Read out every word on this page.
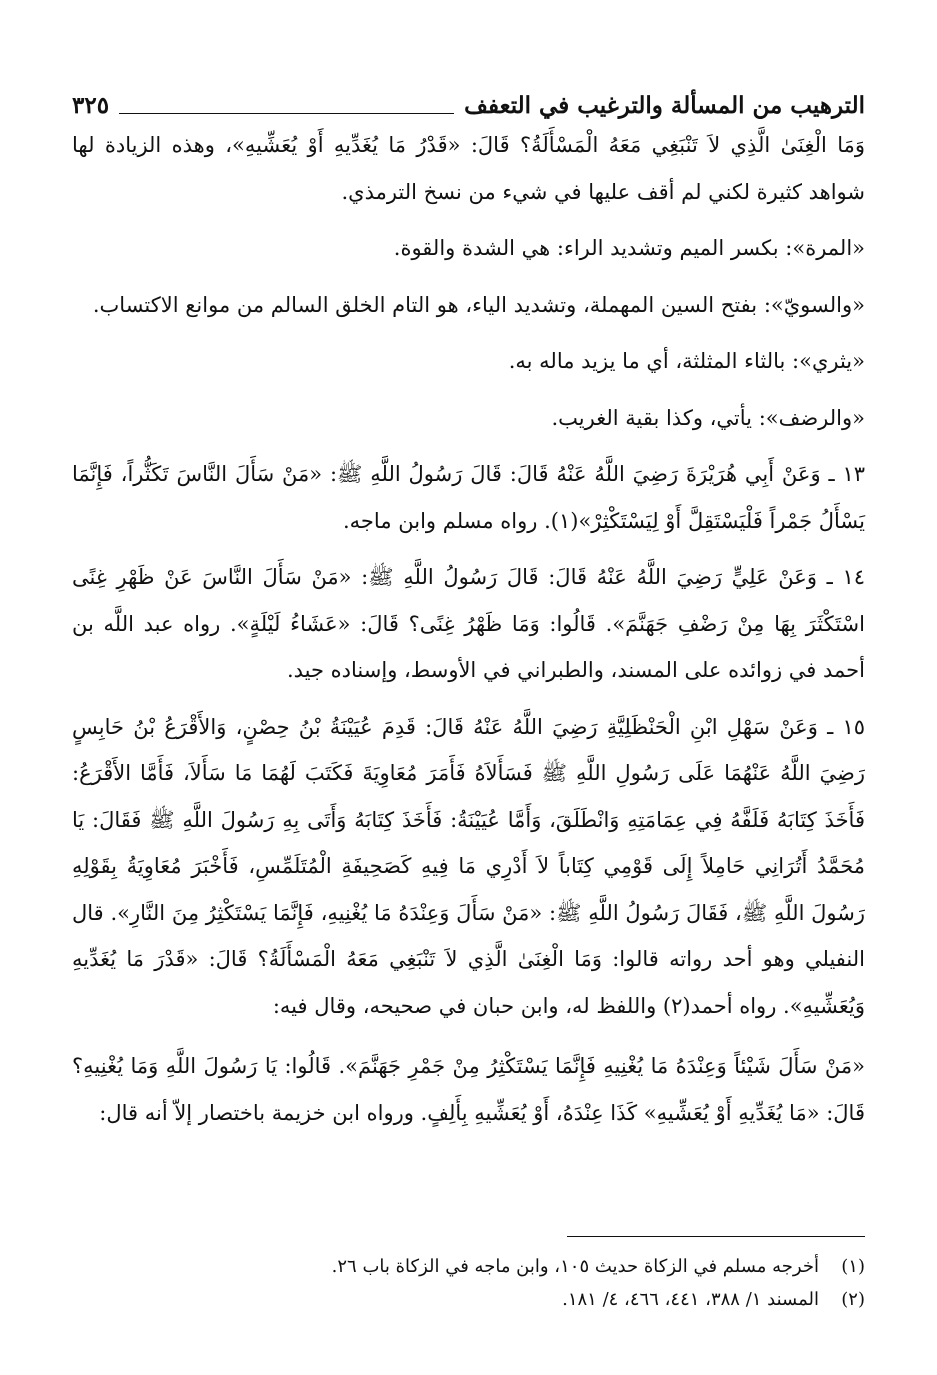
الترهيب من المسألة والترغيب في التعفف
٣٢٥

وَمَا الْغِنَىٰ الَّذِي لاَ تَنْبَغِي مَعَهُ الْمَسْأَلَةُ؟ قَالَ: «قَدْرُ مَا يُغَدِّيهِ أَوْ يُعَشِّيهِ»، وهذه الزيادة لها شواهد كثيرة لكني لم أقف عليها في شيء من نسخ الترمذي.

«المرة»: بكسر الميم وتشديد الراء: هي الشدة والقوة.

«والسويّ»: بفتح السين المهملة، وتشديد الياء، هو التام الخلق السالم من موانع الاكتساب.

«يثري»: بالثاء المثلثة، أي ما يزيد ماله به.

«والرضف»: يأتي، وكذا بقية الغريب.

١٣ ـ وَعَنْ أَبِي هُرَيْرَةَ رَضِيَ اللَّهُ عَنْهُ قَالَ: قَالَ رَسُولُ اللَّهِ ﷺ: «مَنْ سَأَلَ النَّاسَ تَكَثُّراً، فَإِنَّمَا يَسْأَلُ جَمْراً فَلْيَسْتَقِلَّ أَوْ لِيَسْتَكْثِرْ»(١). رواه مسلم وابن ماجه.

١٤ ـ وَعَنْ عَلِيٍّ رَضِيَ اللَّهُ عَنْهُ قَالَ: قَالَ رَسُولُ اللَّهِ ﷺ: «مَنْ سَأَلَ النَّاسَ عَنْ ظَهْرِ غِنًى اسْتَكْثَرَ بِهَا مِنْ رَضْفِ جَهَنَّمَ». قَالُوا: وَمَا ظَهْرُ غِنًى؟ قَالَ: «عَشَاءُ لَيْلَةٍ». رواه عبد اللَّه بن أحمد في زوائده على المسند، والطبراني في الأوسط، وإسناده جيد.

١٥ ـ وَعَنْ سَهْلِ ابْنِ الْحَنْظَلِيَّةِ رَضِيَ اللَّهُ عَنْهُ قَالَ: قَدِمَ عُيَيْنَةُ بْنُ حِصْنٍ، وَالأَقْرَعُ بْنُ حَابِسٍ رَضِيَ اللَّهُ عَنْهُمَا عَلَى رَسُولِ اللَّهِ ﷺ فَسَأَلاَهُ فَأَمَرَ مُعَاوِيَةَ فَكَتَبَ لَهُمَا مَا سَأَلاَ، فَأَمَّا الأَقْرَعُ: فَأَخَذَ كِتَابَهُ فَلَفَّهُ فِي عِمَامَتِهِ وَانْطَلَقَ، وَأَمَّا عُيَيْنَةُ: فَأَخَذَ كِتَابَهُ وَأَتَى بِهِ رَسُولَ اللَّهِ ﷺ فَقَالَ: يَا مُحَمَّدُ أَتُرَانِي حَامِلاً إِلَى قَوْمِي كِتَاباً لاَ أَدْرِي مَا فِيهِ كَصَحِيفَةِ الْمُتَلَمِّسِ، فَأَخْبَرَ مُعَاوِيَةُ بِقَوْلِهِ رَسُولَ اللَّهِ ﷺ، فَقَالَ رَسُولُ اللَّهِ ﷺ: «مَنْ سَأَلَ وَعِنْدَهُ مَا يُغْنِيهِ، فَإِنَّمَا يَسْتَكْثِرُ مِنَ النَّارِ». قال النفيلي وهو أحد رواته قالوا: وَمَا الْغِنَىٰ الَّذِي لاَ تَنْبَغِي مَعَهُ الْمَسْأَلَةُ؟ قَالَ: «قَدْرَ مَا يُغَدِّيهِ وَيُعَشِّيهِ». رواه أحمد(٢) واللفظ له، وابن حبان في صحيحه، وقال فيه:

«مَنْ سَأَلَ شَيْئاً وَعِنْدَهُ مَا يُغْنِيهِ فَإِنَّمَا يَسْتَكْثِرُ مِنْ جَمْرِ جَهَنَّمَ». قَالُوا: يَا رَسُولَ اللَّهِ وَمَا يُغْنِيهِ؟ قَالَ: «مَا يُغَدِّيهِ أَوْ يُعَشِّيهِ» كَذَا عِنْدَهُ، أَوْ يُعَشِّيهِ بِأَلِفٍ. ورواه ابن خزيمة باختصار إلاّ أنه قال:

(١)أخرجه مسلم في الزكاة حديث ١٠٥، وابن ماجه في الزكاة باب ٢٦.
(٢)المسند ١/ ٣٨٨، ٤٤١، ٤٦٦، ٤/ ١٨١.
